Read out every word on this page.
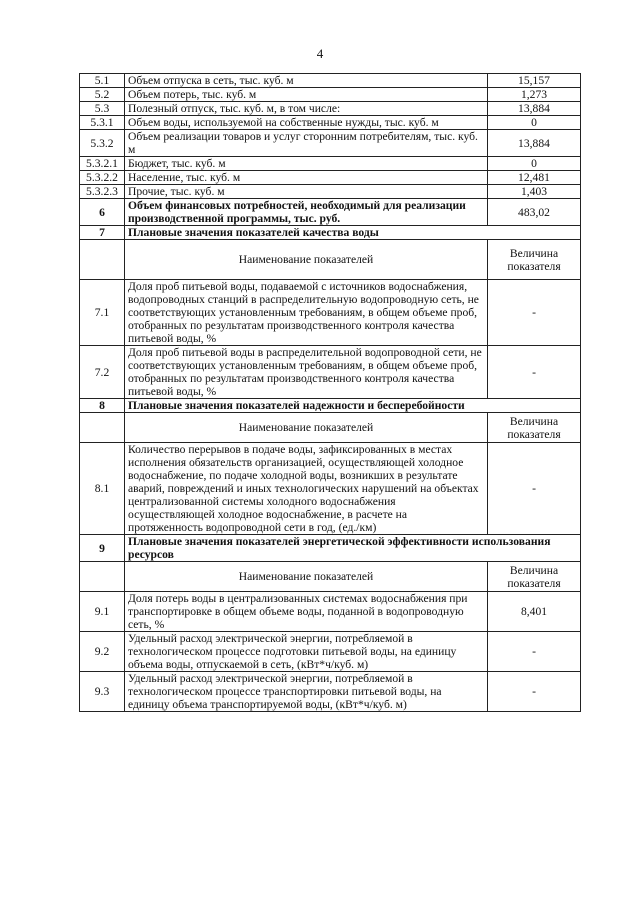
4
5.1	Объем отпуска в сеть, тыс. куб. м	15,157
5.2	Объем потерь, тыс. куб. м	1,273
5.3	Полезный отпуск, тыс. куб. м, в том числе:	13,884
5.3.1	Объем воды, используемой на собственные нужды, тыс. куб. м	0
5.3.2	Объем реализации товаров и услуг сторонним потребителям, тыс. куб. м	13,884
5.3.2.1	Бюджет, тыс. куб. м	0
5.3.2.2	Население, тыс. куб. м	12,481
5.3.2.3	Прочие, тыс. куб. м	1,403
6	Объем финансовых потребностей, необходимый для реализации производственной программы, тыс. руб.	483,02
7	Плановые значения показателей качества воды	
	Наименование показателей	Величина показателя
7.1	Доля проб питьевой воды, подаваемой с источников водоснабжения, водопроводных станций в распределительную водопроводную сеть, не соответствующих установленным требованиям, в общем объеме проб, отобранных по результатам производственного контроля качества питьевой воды, %	-
7.2	Доля проб питьевой воды в распределительной водопроводной сети, не соответствующих установленным требованиям, в общем объеме проб, отобранных по результатам производственного контроля качества питьевой воды, %	-
8	Плановые значения показателей надежности и бесперебойности	
	Наименование показателей	Величина показателя
8.1	Количество перерывов в подаче воды, зафиксированных в местах исполнения обязательств организацией, осуществляющей холодное водоснабжение, по подаче холодной воды, возникших в результате аварий, повреждений и иных технологических нарушений на объектах централизованной системы холодного водоснабжения осуществляющей холодное водоснабжение, в расчете на протяженность водопроводной сети в год, (ед./км)	-
9	Плановые значения показателей энергетической эффективности использования ресурсов	
	Наименование показателей	Величина показателя
9.1	Доля потерь воды в централизованных системах водоснабжения при транспортировке в общем объеме воды, поданной в водопроводную сеть, %	8,401
9.2	Удельный расход электрической энергии, потребляемой в технологическом процессе подготовки питьевой воды, на единицу объема воды, отпускаемой в сеть, (кВт*ч/куб. м)	-
9.3	Удельный расход электрической энергии, потребляемой в технологическом процессе транспортировки питьевой воды, на единицу объема транспортируемой воды, (кВт*ч/куб. м)	-
